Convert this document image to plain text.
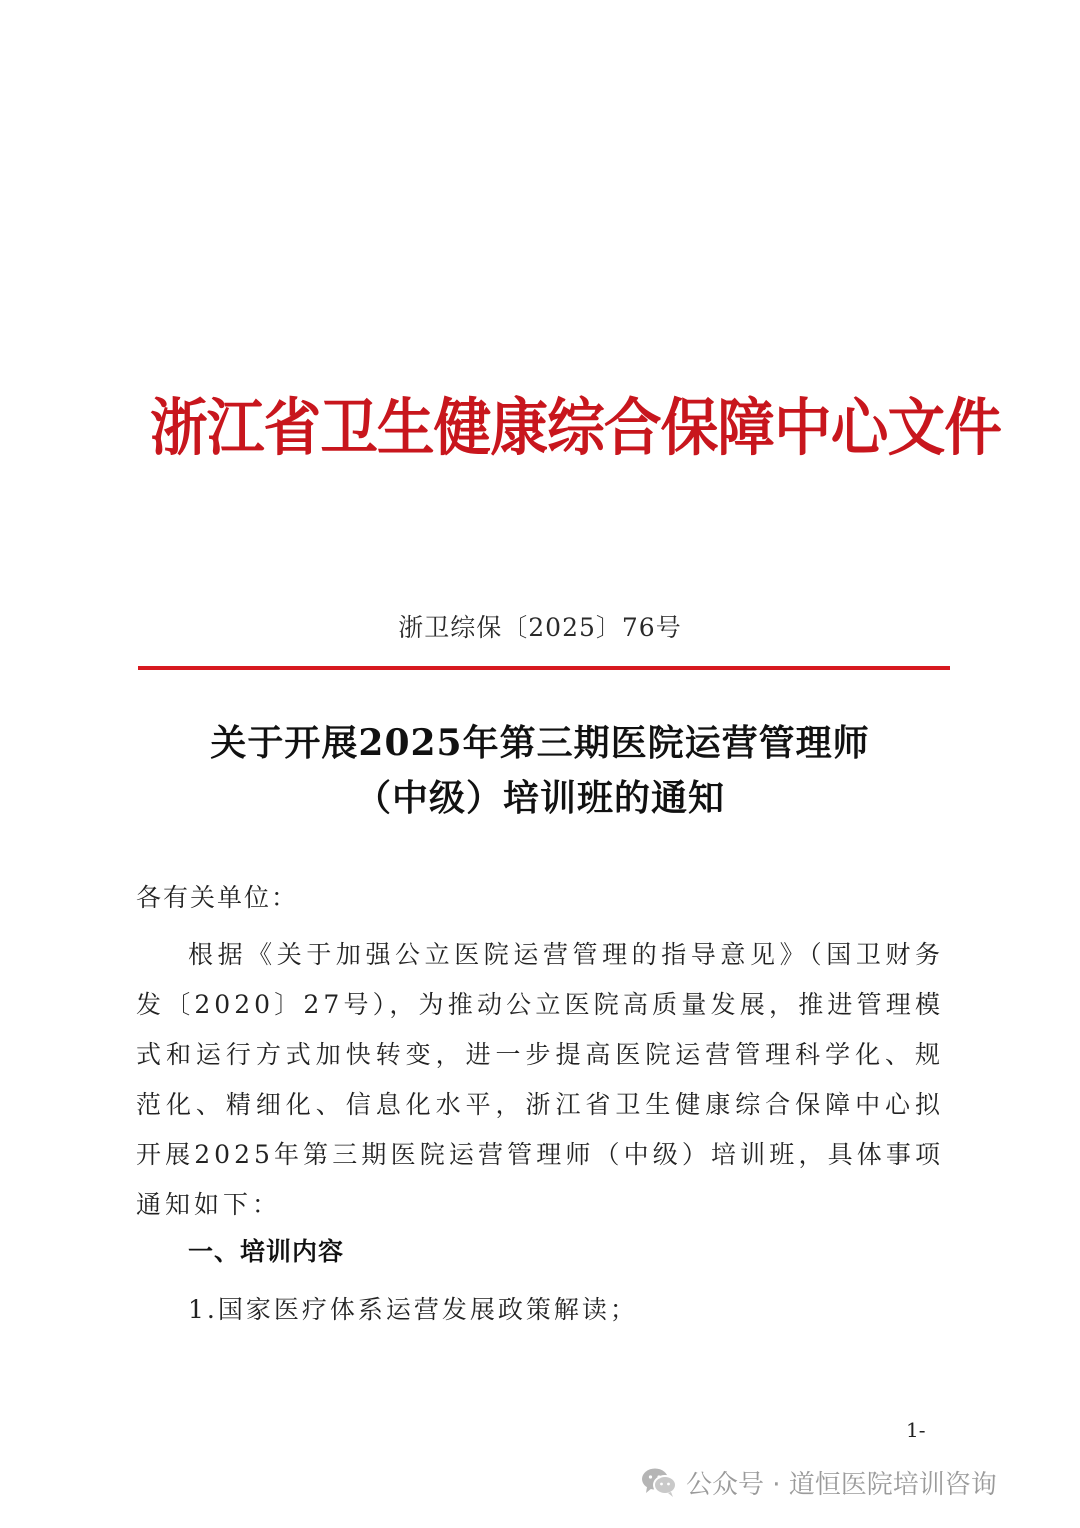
浙江省卫生健康综合保障中心文件
浙卫综保〔2025〕76号
关于开展2025年第三期医院运营管理师
（中级）培训班的通知
各有关单位：
根据《关于加强公立医院运营管理的指导意见》（国卫财务发〔2020〕27号），为推动公立医院高质量发展，推进管理模式和运行方式加快转变，进一步提高医院运营管理科学化、规范化、精细化、信息化水平，浙江省卫生健康综合保障中心拟开展2025年第三期医院运营管理师（中级）培训班，具体事项通知如下：
一、培训内容
1.国家医疗体系运营发展政策解读；
1-
公众号 · 道恒医院培训咨询
